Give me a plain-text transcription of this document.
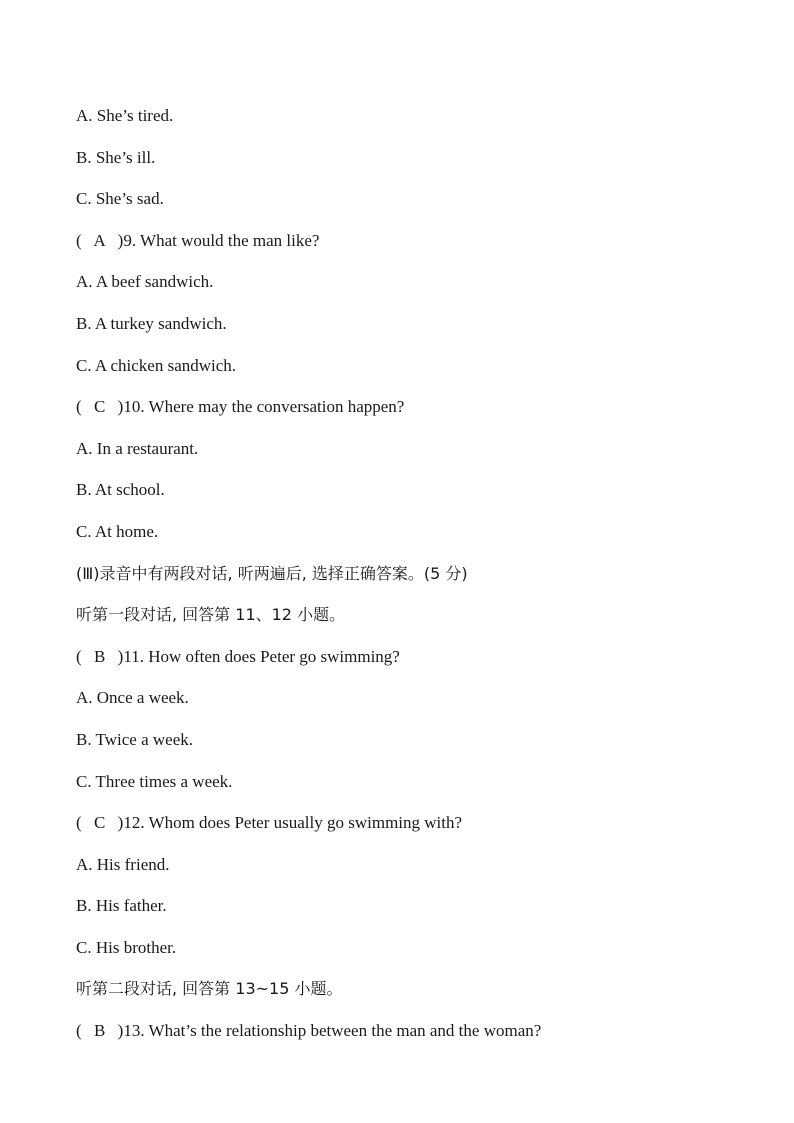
A. She’s tired.
B. She’s ill.
C. She’s sad.
( A )9. What would the man like?
A. A beef sandwich.
B. A turkey sandwich.
C. A chicken sandwich.
( C )10. Where may the conversation happen?
A. In a restaurant.
B. At school.
C. At home.
(Ⅲ)录音中有两段对话, 听两遍后, 选择正确答案。(5 分)
听第一段对话, 回答第 11、12 小题。
( B )11. How often does Peter go swimming?
A. Once a week.
B. Twice a week.
C. Three times a week.
( C )12. Whom does Peter usually go swimming with?
A. His friend.
B. His father.
C. His brother.
听第二段对话, 回答第 13~15 小题。
( B )13. What’s the relationship between the man and the woman?
